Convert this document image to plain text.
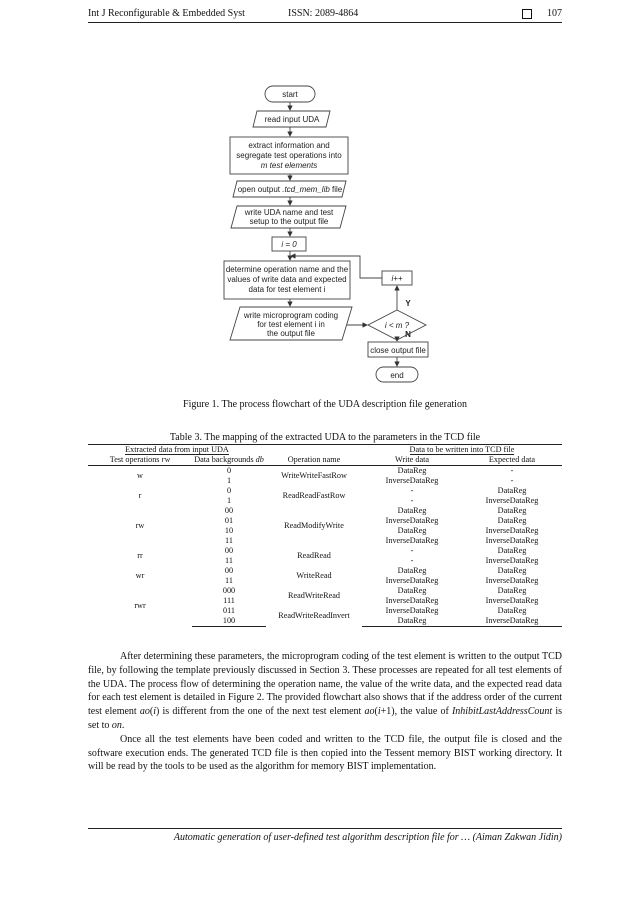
Int J Reconfigurable & Embedded Syst	ISSN: 2089-4864	107
start
read input UDA
extract information and
segregate test operations into
m test elements
open output .tcd_mem_lib file
write UDA name and test
setup to the output file
i = 0
determine operation name and the
values of write data and expected
data for test element i
write microprogram coding
for test element i in
the output file
i < m ?
i++
Y
N
close output file
end
Figure 1. The process flowchart of the UDA description file generation
Table 3. The mapping of the extracted UDA to the parameters in the TCD file
Extracted data from input UDA			Data to be written into TCD file	
Test operations rw	Data backgrounds db	Operation name	Write data	Expected data
w	0	WriteWriteFastRow	DataReg	-
	1		InverseDataReg	-
r	0	ReadReadFastRow	-	DataReg
	1		-	InverseDataReg
rw	00	ReadModifyWrite	DataReg	DataReg
	01		InverseDataReg	DataReg
	10		DataReg	InverseDataReg
	11		InverseDataReg	InverseDataReg
rr	00	ReadRead	-	DataReg
	11		-	InverseDataReg
wr	00	WriteRead	DataReg	DataReg
	11		InverseDataReg	InverseDataReg
rwr	000	ReadWriteRead	DataReg	DataReg
	111		InverseDataReg	InverseDataReg
	011	ReadWriteReadInvert	InverseDataReg	DataReg
	100		DataReg	InverseDataReg

After determining these parameters, the microprogram coding of the test element is written to the output TCD file, by following the template previously discussed in Section 3. These processes are repeated for all test elements of the UDA. The process flow of determining the operation name, the value of the write data, and the expected read data for each test element is detailed in Figure 2. The provided flowchart also shows that if the address order of the current test element ao(i) is different from the one of the next test element ao(i+1), the value of InhibitLastAddressCount is set to on.

Once all the test elements have been coded and written to the TCD file, the output file is closed and the software execution ends. The generated TCD file is then copied into the Tessent memory BIST working directory. It will be read by the tools to be used as the algorithm for memory BIST implementation.

Automatic generation of user-defined test algorithm description file for … (Aiman Zakwan Jidin)
